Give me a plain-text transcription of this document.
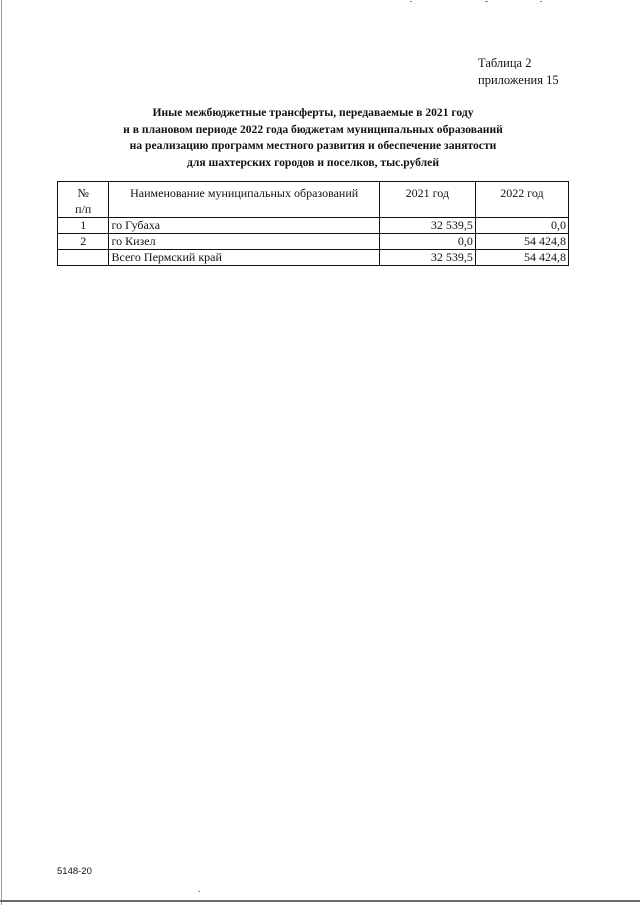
Таблица 2
приложения 15
Иные межбюджетные трансферты, передаваемые в 2021 году
и в плановом периоде 2022 года бюджетам муниципальных образований
на реализацию программ местного развития и обеспечение занятости
для шахтерских городов и поселков, тыс.рублей
№
п/п	Наименование муниципальных образований	2021 год	2022 год
1	го Губаха	32 539,5	0,0
2	го Кизел	0,0	54 424,8
	Всего Пермский край	32 539,5	54 424,8
5148-20
